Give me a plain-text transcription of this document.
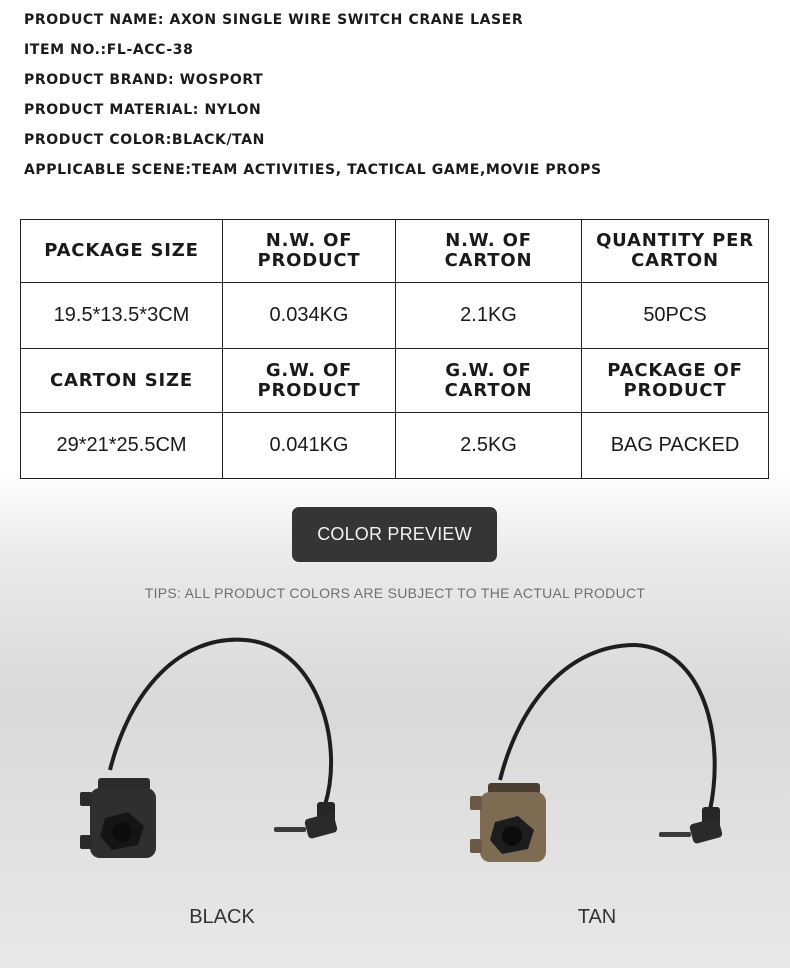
PRODUCT NAME: AXON SINGLE WIRE SWITCH CRANE LASER
ITEM NO.:FL-ACC-38
PRODUCT BRAND: WOSPORT
PRODUCT MATERIAL: NYLON
PRODUCT COLOR:BLACK/TAN
APPLICABLE SCENE:TEAM ACTIVITIES, TACTICAL GAME,MOVIE PROPS
PACKAGE SIZE	N.W. OF PRODUCT	N.W. OF CARTON	QUANTITY PER CARTON
19.5*13.5*3CM	0.034KG	2.1KG	50PCS
CARTON SIZE	G.W. OF PRODUCT	G.W. OF CARTON	PACKAGE OF PRODUCT
29*21*25.5CM	0.041KG	2.5KG	BAG PACKED
COLOR PREVIEW
TIPS: ALL PRODUCT COLORS ARE SUBJECT TO THE ACTUAL PRODUCT
BLACK	TAN
